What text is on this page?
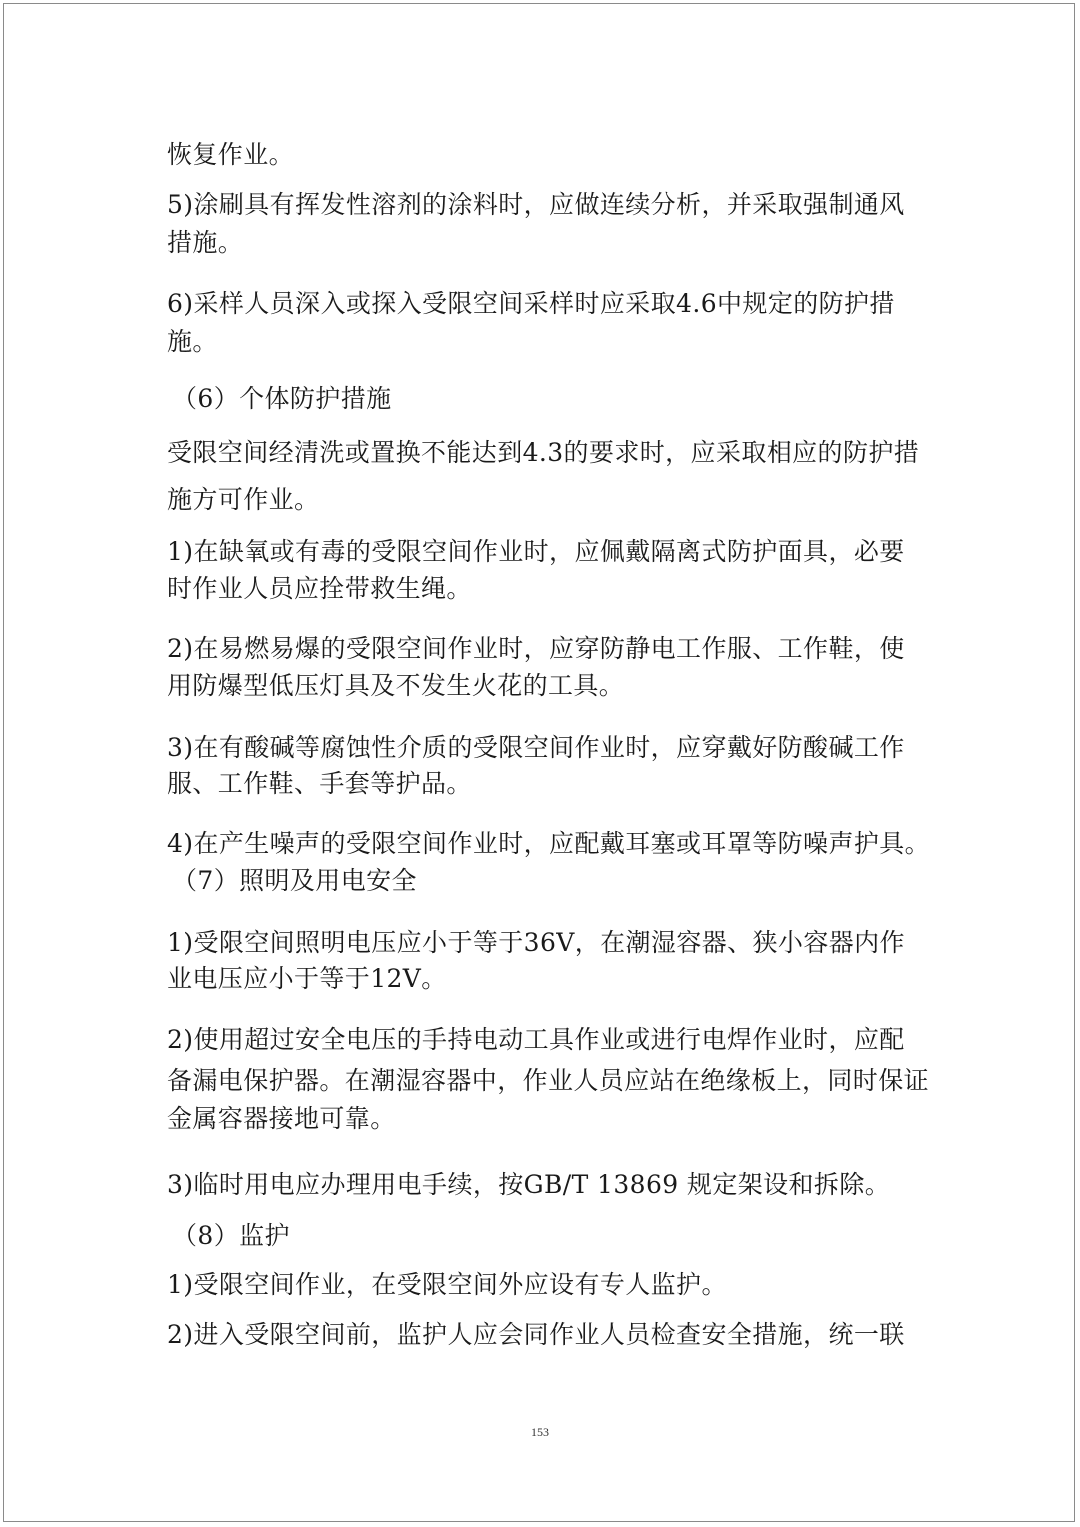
恢复作业。

5)涂刷具有挥发性溶剂的涂料时，应做连续分析，并采取强制通风

措施。

6)采样人员深入或探入受限空间采样时应采取4.6中规定的防护措

施。

（6）个体防护措施

受限空间经清洗或置换不能达到4.3的要求时，应采取相应的防护措

施方可作业。

1)在缺氧或有毒的受限空间作业时，应佩戴隔离式防护面具，必要

时作业人员应拴带救生绳。

2)在易燃易爆的受限空间作业时，应穿防静电工作服、工作鞋，使

用防爆型低压灯具及不发生火花的工具。

3)在有酸碱等腐蚀性介质的受限空间作业时，应穿戴好防酸碱工作

服、工作鞋、手套等护品。

4)在产生噪声的受限空间作业时，应配戴耳塞或耳罩等防噪声护具。

（7）照明及用电安全

1)受限空间照明电压应小于等于36V，在潮湿容器、狭小容器内作

业电压应小于等于12V。

2)使用超过安全电压的手持电动工具作业或进行电焊作业时，应配

备漏电保护器。在潮湿容器中，作业人员应站在绝缘板上，同时保证

金属容器接地可靠。

3)临时用电应办理用电手续，按GB/T 13869 规定架设和拆除。

（8）监护

1)受限空间作业，在受限空间外应设有专人监护。

2)进入受限空间前，监护人应会同作业人员检查安全措施，统一联

153
